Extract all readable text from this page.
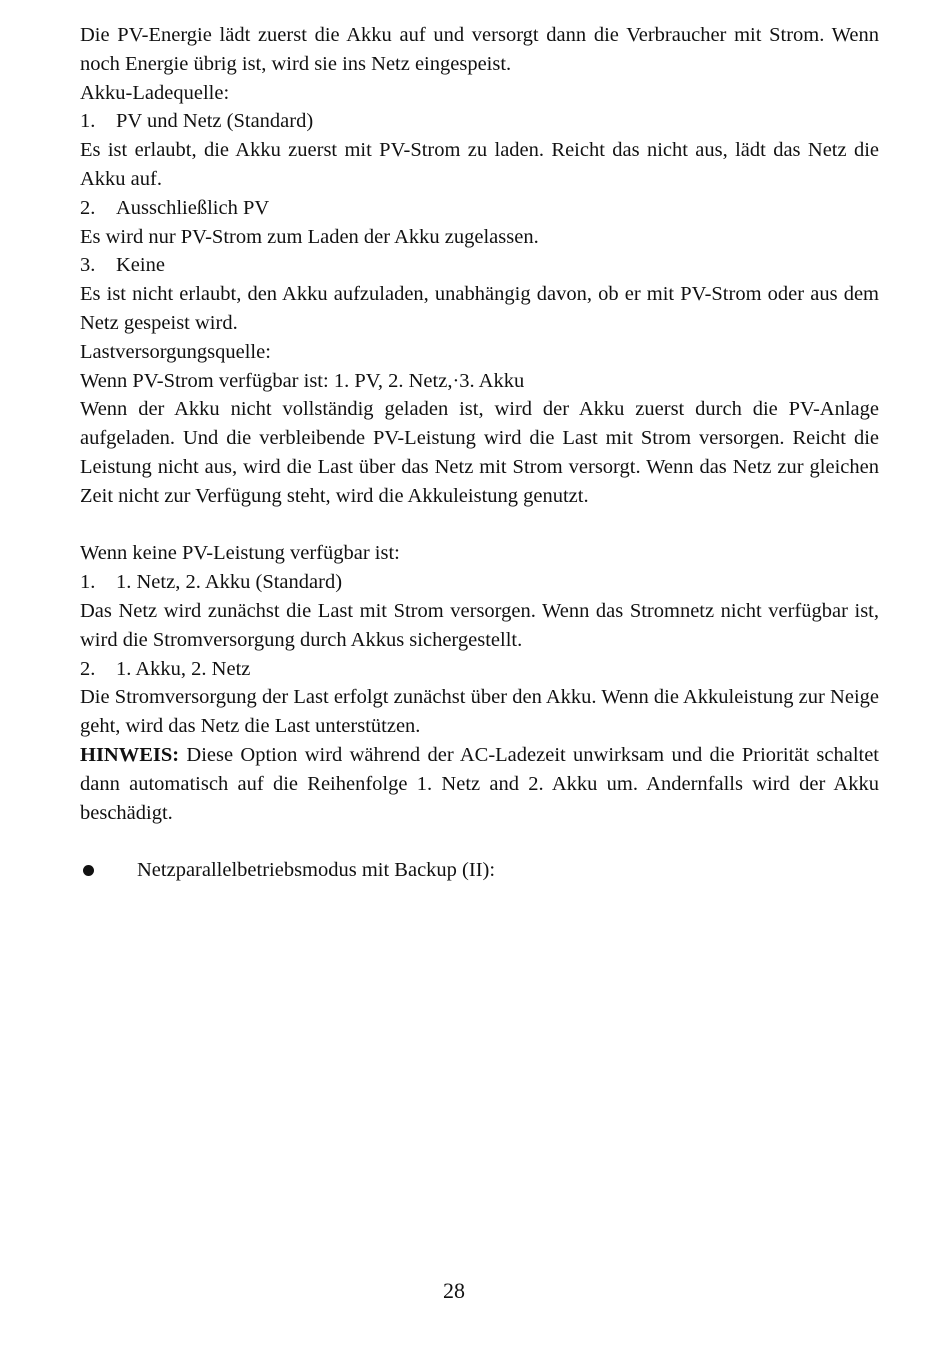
Die PV-Energie lädt zuerst die Akku auf und versorgt dann die Verbraucher mit Strom. Wenn noch Energie übrig ist, wird sie ins Netz eingespeist.

Akku-Ladequelle:

1. PV und Netz (Standard)

Es ist erlaubt, die Akku zuerst mit PV-Strom zu laden. Reicht das nicht aus, lädt das Netz die Akku auf.

2. Ausschließlich PV

Es wird nur PV-Strom zum Laden der Akku zugelassen.

3. Keine

Es ist nicht erlaubt, den Akku aufzuladen, unabhängig davon, ob er mit PV-Strom oder aus dem Netz gespeist wird.

Lastversorgungsquelle:

Wenn PV-Strom verfügbar ist: 1. PV, 2. Netz,·3. Akku

Wenn der Akku nicht vollständig geladen ist, wird der Akku zuerst durch die PV-Anlage aufgeladen. Und die verbleibende PV-Leistung wird die Last mit Strom versorgen. Reicht die Leistung nicht aus, wird die Last über das Netz mit Strom versorgt. Wenn das Netz zur gleichen Zeit nicht zur Verfügung steht, wird die Akkuleistung genutzt.

Wenn keine PV-Leistung verfügbar ist:

1. 1. Netz, 2. Akku (Standard)

Das Netz wird zunächst die Last mit Strom versorgen. Wenn das Stromnetz nicht verfügbar ist, wird die Stromversorgung durch Akkus sichergestellt.

2. 1. Akku, 2. Netz

Die Stromversorgung der Last erfolgt zunächst über den Akku. Wenn die Akkuleistung zur Neige geht, wird das Netz die Last unterstützen.

HINWEIS: Diese Option wird während der AC-Ladezeit unwirksam und die Priorität schaltet dann automatisch auf die Reihenfolge 1. Netz and 2. Akku um. Andernfalls wird der Akku beschädigt.

Netzparallelbetriebsmodus mit Backup (II):
28
